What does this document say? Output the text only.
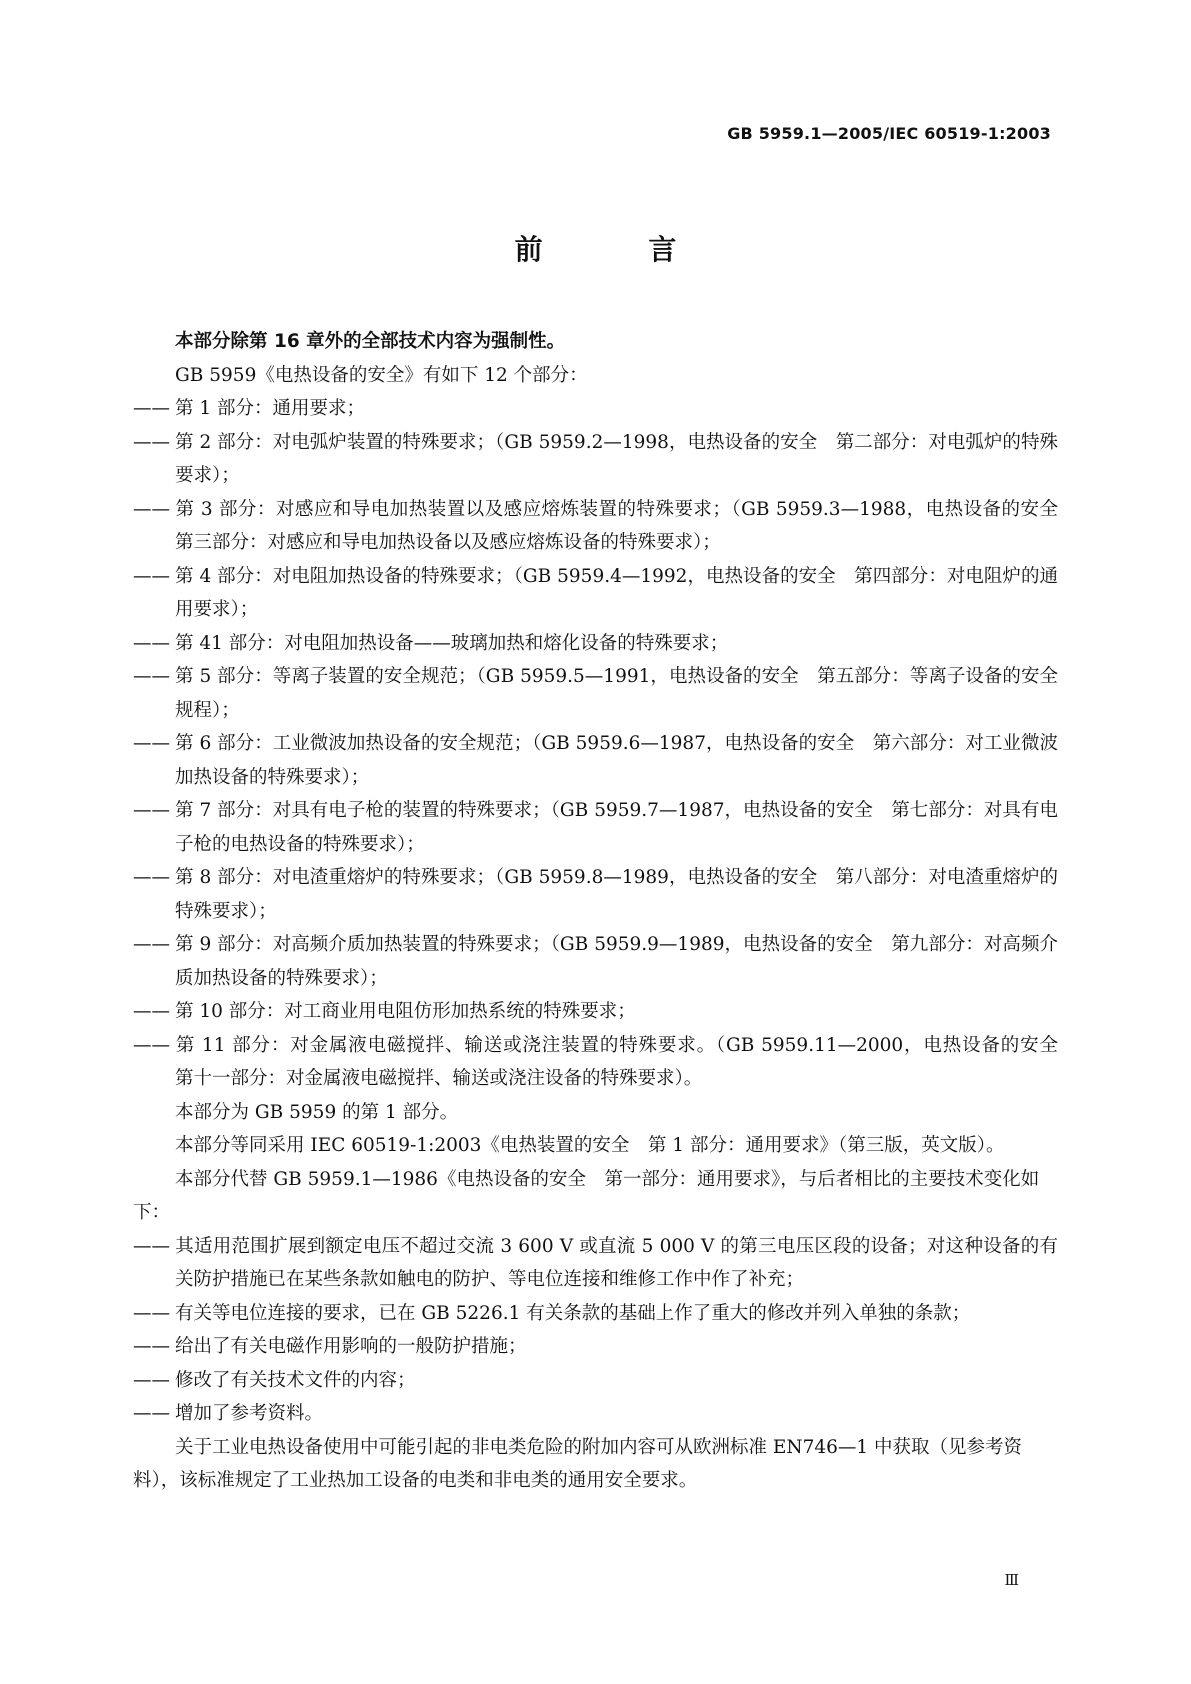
GB 5959.1—2005/IEC 60519-1:2003
前 言

本部分除第 16 章外的全部技术内容为强制性。

GB 5959《电热设备的安全》有如下 12 个部分：

—— 第 1 部分：通用要求；

—— 第 2 部分：对电弧炉装置的特殊要求；（GB 5959.2—1998，电热设备的安全　第二部分：对电弧炉的特殊要求）；

—— 第 3 部分：对感应和导电加热装置以及感应熔炼装置的特殊要求；（GB 5959.3—1988，电热设备的安全　第三部分：对感应和导电加热设备以及感应熔炼设备的特殊要求）；

—— 第 4 部分：对电阻加热设备的特殊要求；（GB 5959.4—1992，电热设备的安全　第四部分：对电阻炉的通用要求）；

—— 第 41 部分：对电阻加热设备——玻璃加热和熔化设备的特殊要求；

—— 第 5 部分：等离子装置的安全规范；（GB 5959.5—1991，电热设备的安全　第五部分：等离子设备的安全规程）；

—— 第 6 部分：工业微波加热设备的安全规范；（GB 5959.6—1987，电热设备的安全　第六部分：对工业微波加热设备的特殊要求）；

—— 第 7 部分：对具有电子枪的装置的特殊要求；（GB 5959.7—1987，电热设备的安全　第七部分：对具有电子枪的电热设备的特殊要求）；

—— 第 8 部分：对电渣重熔炉的特殊要求；（GB 5959.8—1989，电热设备的安全　第八部分：对电渣重熔炉的特殊要求）；

—— 第 9 部分：对高频介质加热装置的特殊要求；（GB 5959.9—1989，电热设备的安全　第九部分：对高频介质加热设备的特殊要求）；

—— 第 10 部分：对工商业用电阻仿形加热系统的特殊要求；

—— 第 11 部分：对金属液电磁搅拌、输送或浇注装置的特殊要求。（GB 5959.11—2000，电热设备的安全　第十一部分：对金属液电磁搅拌、输送或浇注设备的特殊要求）。

本部分为 GB 5959 的第 1 部分。

本部分等同采用 IEC 60519-1:2003《电热装置的安全　第 1 部分：通用要求》（第三版，英文版）。

本部分代替 GB 5959.1—1986《电热设备的安全　第一部分：通用要求》，与后者相比的主要技术变化如下：

—— 其适用范围扩展到额定电压不超过交流 3 600 V 或直流 5 000 V 的第三电压区段的设备；对这种设备的有关防护措施已在某些条款如触电的防护、等电位连接和维修工作中作了补充；

—— 有关等电位连接的要求，已在 GB 5226.1 有关条款的基础上作了重大的修改并列入单独的条款；

—— 给出了有关电磁作用影响的一般防护措施；

—— 修改了有关技术文件的内容；

—— 增加了参考资料。

关于工业电热设备使用中可能引起的非电类危险的附加内容可从欧洲标准 EN746—1 中获取（见参考资料），该标准规定了工业热加工设备的电类和非电类的通用安全要求。

Ⅲ
